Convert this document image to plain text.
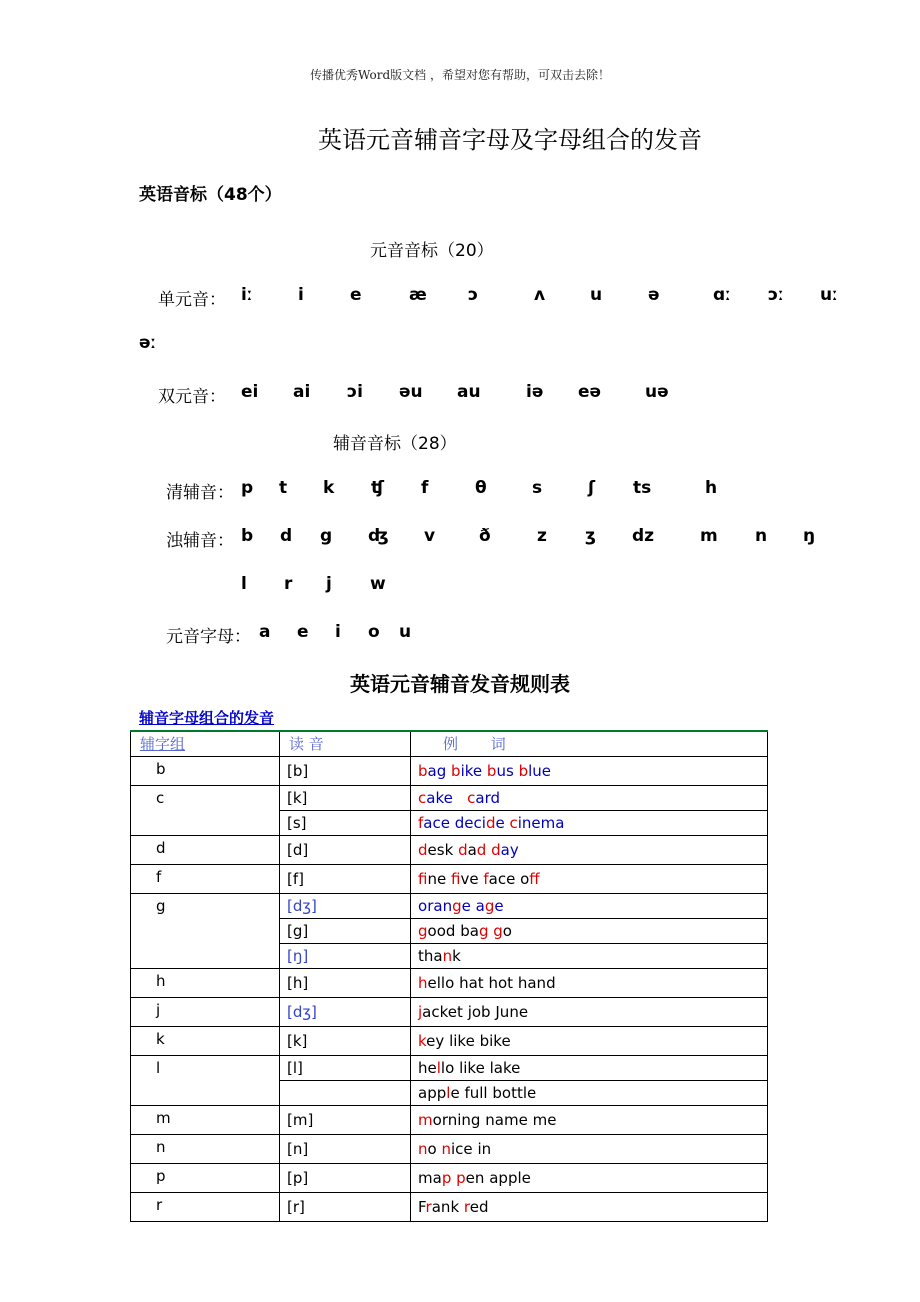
传播优秀Word版文档 ，希望对您有帮助，可双击去除！
英语元音辅音字母及字母组合的发音
英语音标（48个）
元音音标（20）
单元音： iː	i	e	æ ɔ	ʌ	u	ə	ɑː ɔː uː
əː
双元音： ei ai ɔi əu au	iə eə	uə
辅音音标（28）
清辅音： p t k ʧ f	θ	s	ʃ ts	h
浊辅音： b d g ʤ v	ð	z ʒ dz	m n ŋ
l r j w
元音字母： a e i o u
英语元音辅音发音规则表
辅音字母组合的发音
辅字组	读 音	例 词
b	[b]	bag bike bus blue
c	[k]	cake card
	[s]	face decide cinema
d	[d]	desk dad day
f	[f]	fne fve face of
g	[dʒ]	orange age
	[g]	good bag go
	[ŋ]	thank
h	[h]	hello hat hot hand
j	[dʒ]	jacket job June
k	[k]	key like bike
l	[l]	hello like lake
		apple full bottle
m	[m]	morning name me
n	[n]	no nice in
p	[p]	map pen apple
r	[r]	Frank red
